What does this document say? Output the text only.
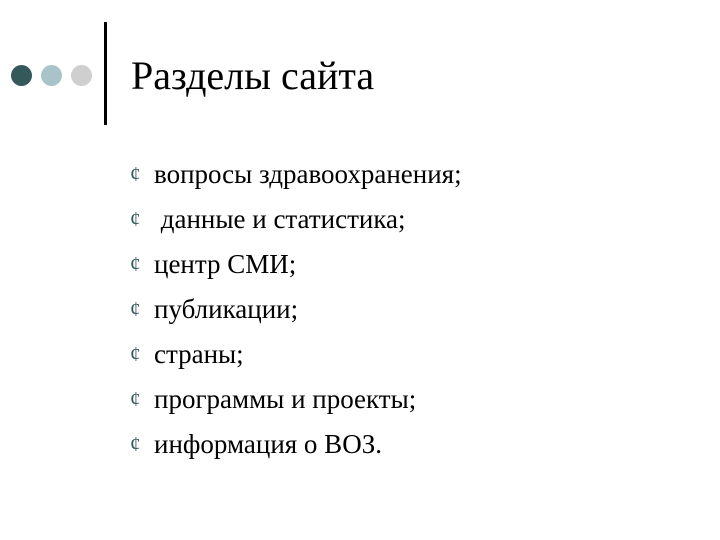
Разделы сайта
¢ вопросы здравоохранения;
¢ данные и статистика;
¢ центр СМИ;
¢ публикации;
¢ страны;
¢ программы и проекты;
¢ информация о ВОЗ.
